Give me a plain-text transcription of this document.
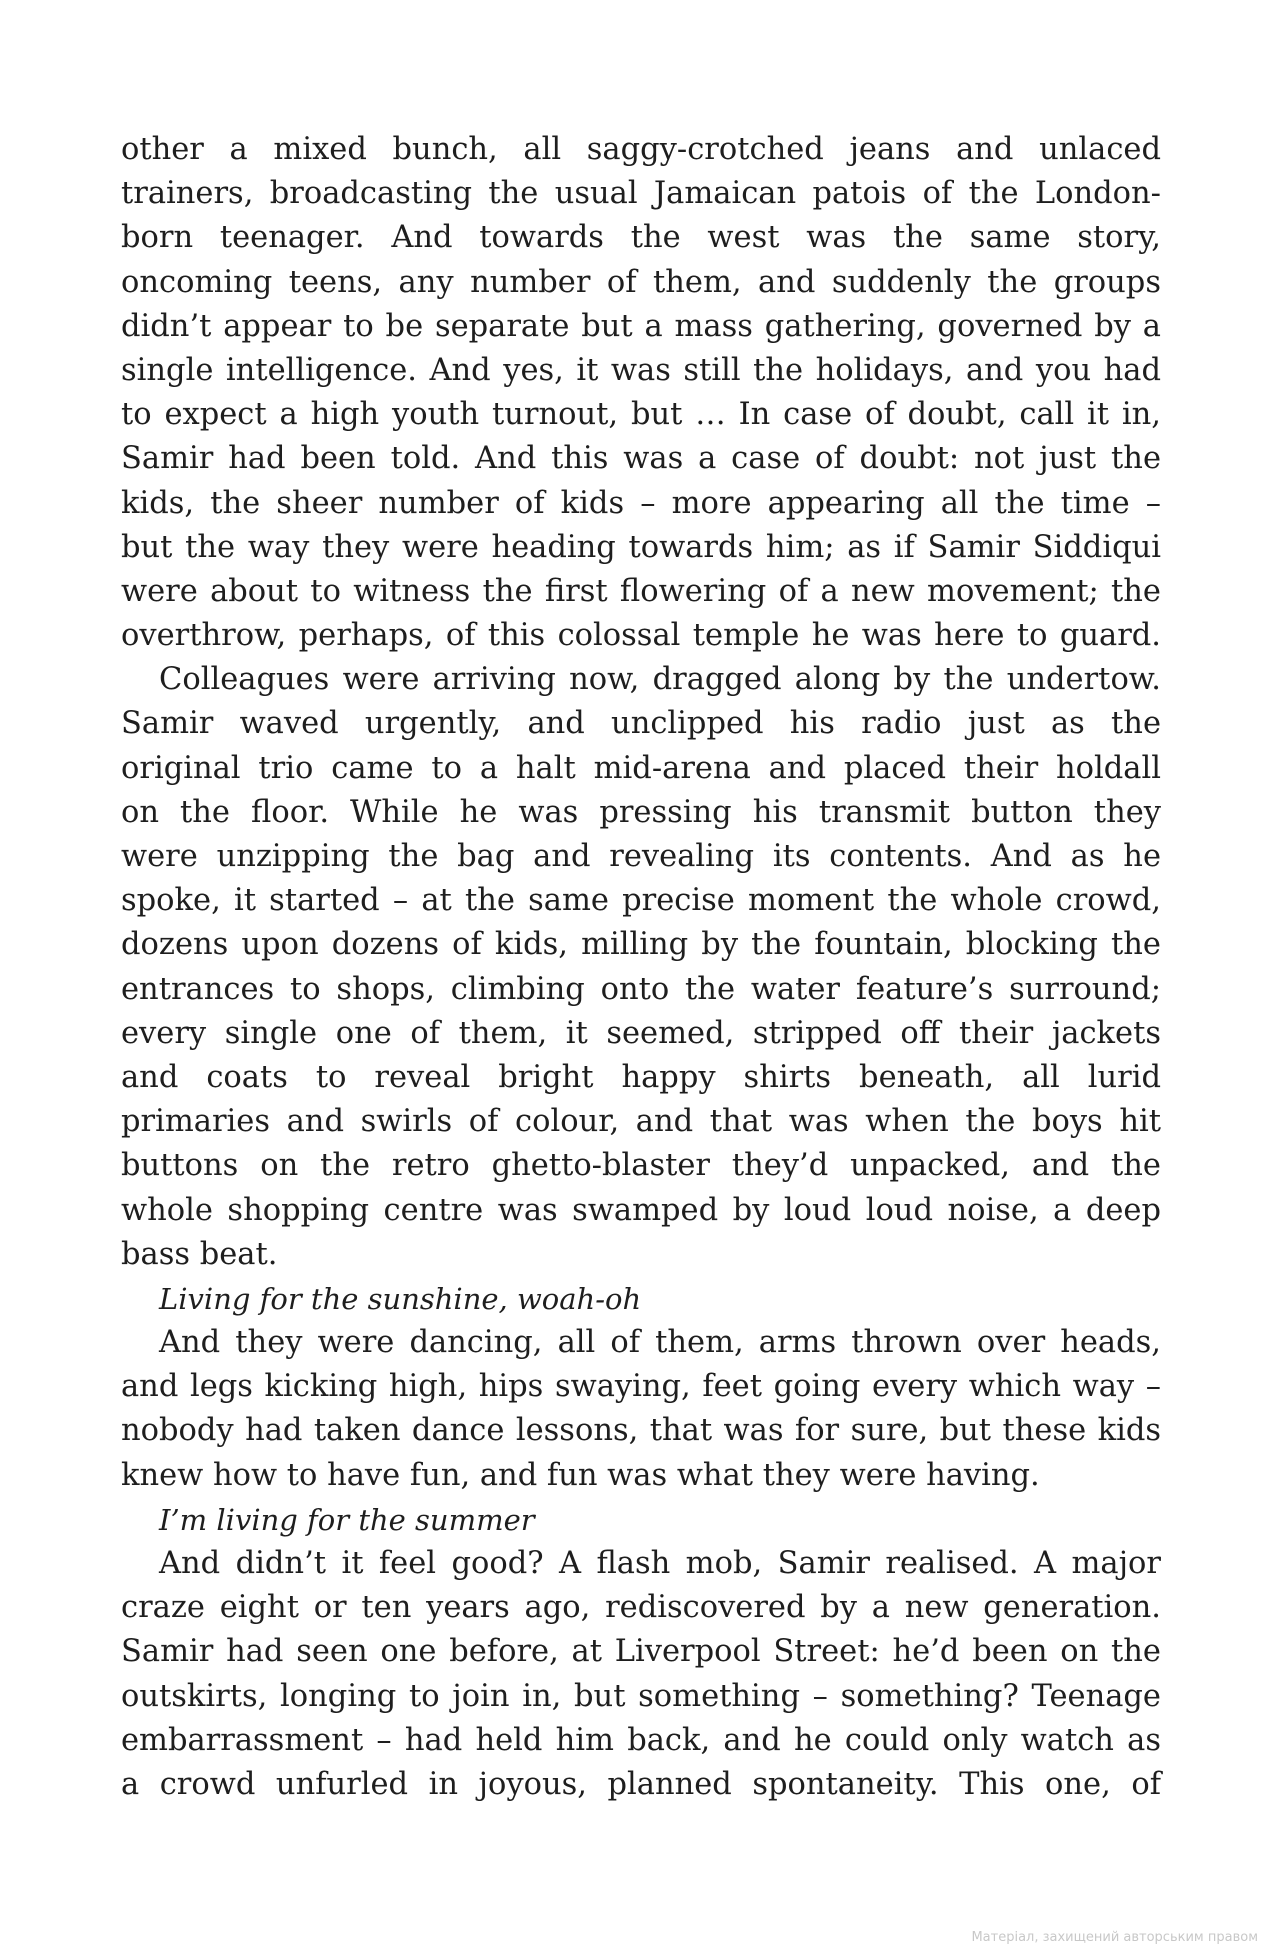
other a mixed bunch, all saggy-crotched jeans and unlaced
trainers, broadcasting the usual Jamaican patois of the London-
born teenager. And towards the west was the same story,
oncoming teens, any number of them, and suddenly the groups
didn’t appear to be separate but a mass gathering, governed by a
single intelligence. And yes, it was still the holidays, and you had
to expect a high youth turnout, but … In case of doubt, call it in,
Samir had been told. And this was a case of doubt: not just the
kids, the sheer number of kids – more appearing all the time –
but the way they were heading towards him; as if Samir Siddiqui
were about to witness the first flowering of a new movement; the
overthrow, perhaps, of this colossal temple he was here to guard.
Colleagues were arriving now, dragged along by the undertow.
Samir waved urgently, and unclipped his radio just as the
original trio came to a halt mid-arena and placed their holdall
on the floor. While he was pressing his transmit button they
were unzipping the bag and revealing its contents. And as he
spoke, it started – at the same precise moment the whole crowd,
dozens upon dozens of kids, milling by the fountain, blocking the
entrances to shops, climbing onto the water feature’s surround;
every single one of them, it seemed, stripped off their jackets
and coats to reveal bright happy shirts beneath, all lurid
primaries and swirls of colour, and that was when the boys hit
buttons on the retro ghetto-blaster they’d unpacked, and the
whole shopping centre was swamped by loud loud noise, a deep
bass beat.
Living for the sunshine, woah-oh
And they were dancing, all of them, arms thrown over heads,
and legs kicking high, hips swaying, feet going every which way –
nobody had taken dance lessons, that was for sure, but these kids
knew how to have fun, and fun was what they were having.
I’m living for the summer
And didn’t it feel good? A flash mob, Samir realised. A major
craze eight or ten years ago, rediscovered by a new generation.
Samir had seen one before, at Liverpool Street: he’d been on the
outskirts, longing to join in, but something – something? Teenage
embarrassment – had held him back, and he could only watch as
a crowd unfurled in joyous, planned spontaneity. This one, of
Матеріал, захищений авторським правом
